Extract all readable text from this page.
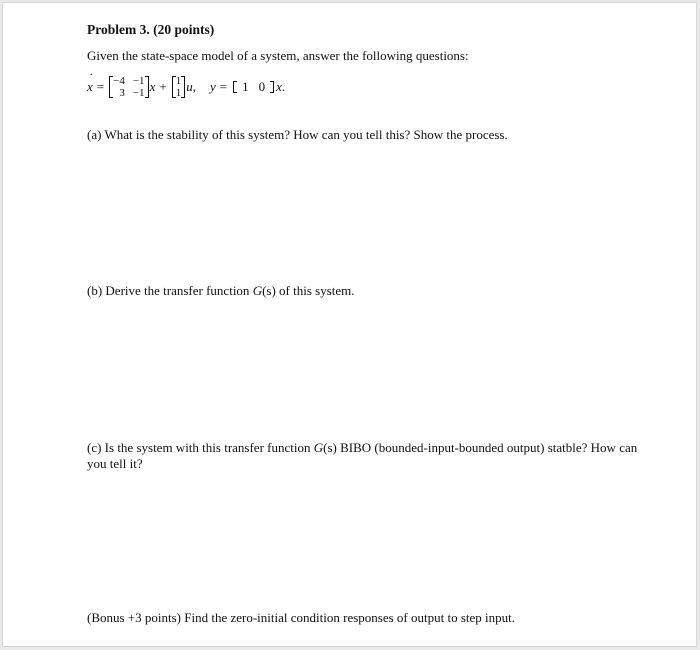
Problem 3. (20 points)
Given the state-space model of a system, answer the following questions:
x ˙ = −4 −1
3 −1 x + 1
1 u , y = 1 0 x .
(a) What is the stability of this system? How can you tell this? Show the process.
(b) Derive the transfer function G(s) of this system.
(c) Is the system with this transfer function G(s) BIBO (bounded-input-bounded output) statble? How can you tell it?
(Bonus +3 points) Find the zero-initial condition responses of output to step input.
